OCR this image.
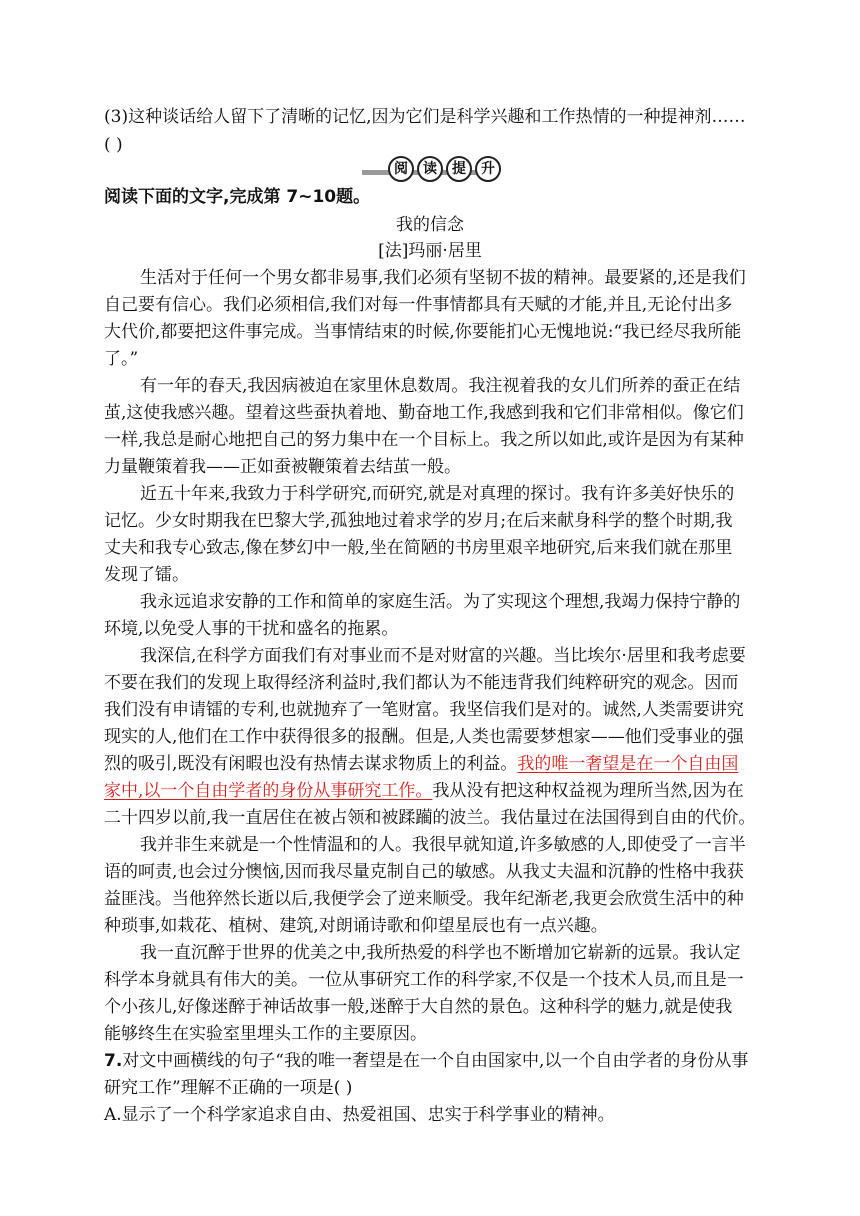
(3)这种谈话给人留下了清晰的记忆,因为它们是科学兴趣和工作热情的一种提神剂……
( )
阅	读	提	升
阅读下面的文字,完成第 7~10题。
我的信念
[法]玛丽·居里
生活对于任何一个男女都非易事,我们必须有坚韧不拔的精神。最要紧的,还是我们
自己要有信心。我们必须相信,我们对每一件事情都具有天赋的才能,并且,无论付出多
大代价,都要把这件事完成。当事情结束的时候,你要能扪心无愧地说:“我已经尽我所能
了。”
有一年的春天,我因病被迫在家里休息数周。我注视着我的女儿们所养的蚕正在结
茧,这使我感兴趣。望着这些蚕执着地、勤奋地工作,我感到我和它们非常相似。像它们
一样,我总是耐心地把自己的努力集中在一个目标上。我之所以如此,或许是因为有某种
力量鞭策着我——正如蚕被鞭策着去结茧一般。
近五十年来,我致力于科学研究,而研究,就是对真理的探讨。我有许多美好快乐的
记忆。少女时期我在巴黎大学,孤独地过着求学的岁月;在后来献身科学的整个时期,我
丈夫和我专心致志,像在梦幻中一般,坐在简陋的书房里艰辛地研究,后来我们就在那里
发现了镭。
我永远追求安静的工作和简单的家庭生活。为了实现这个理想,我竭力保持宁静的
环境,以免受人事的干扰和盛名的拖累。
我深信,在科学方面我们有对事业而不是对财富的兴趣。当比埃尔·居里和我考虑要
不要在我们的发现上取得经济利益时,我们都认为不能违背我们纯粹研究的观念。因而
我们没有申请镭的专利,也就抛弃了一笔财富。我坚信我们是对的。诚然,人类需要讲究
现实的人,他们在工作中获得很多的报酬。但是,人类也需要梦想家——他们受事业的强
烈的吸引,既没有闲暇也没有热情去谋求物质上的利益。我的唯一奢望是在一个自由国
家中,以一个自由学者的身份从事研究工作。我从没有把这种权益视为理所当然,因为在
二十四岁以前,我一直居住在被占领和被蹂躏的波兰。我估量过在法国得到自由的代价。
我并非生来就是一个性情温和的人。我很早就知道,许多敏感的人,即使受了一言半
语的呵责,也会过分懊恼,因而我尽量克制自己的敏感。从我丈夫温和沉静的性格中我获
益匪浅。当他猝然长逝以后,我便学会了逆来顺受。我年纪渐老,我更会欣赏生活中的种
种琐事,如栽花、植树、建筑,对朗诵诗歌和仰望星辰也有一点兴趣。
我一直沉醉于世界的优美之中,我所热爱的科学也不断增加它崭新的远景。我认定
科学本身就具有伟大的美。一位从事研究工作的科学家,不仅是一个技术人员,而且是一
个小孩儿,好像迷醉于神话故事一般,迷醉于大自然的景色。这种科学的魅力,就是使我
能够终生在实验室里埋头工作的主要原因。
7.对文中画横线的句子“我的唯一奢望是在一个自由国家中,以一个自由学者的身份从事
研究工作”理解不正确的一项是( )
A.显示了一个科学家追求自由、热爱祖国、忠实于科学事业的精神。
